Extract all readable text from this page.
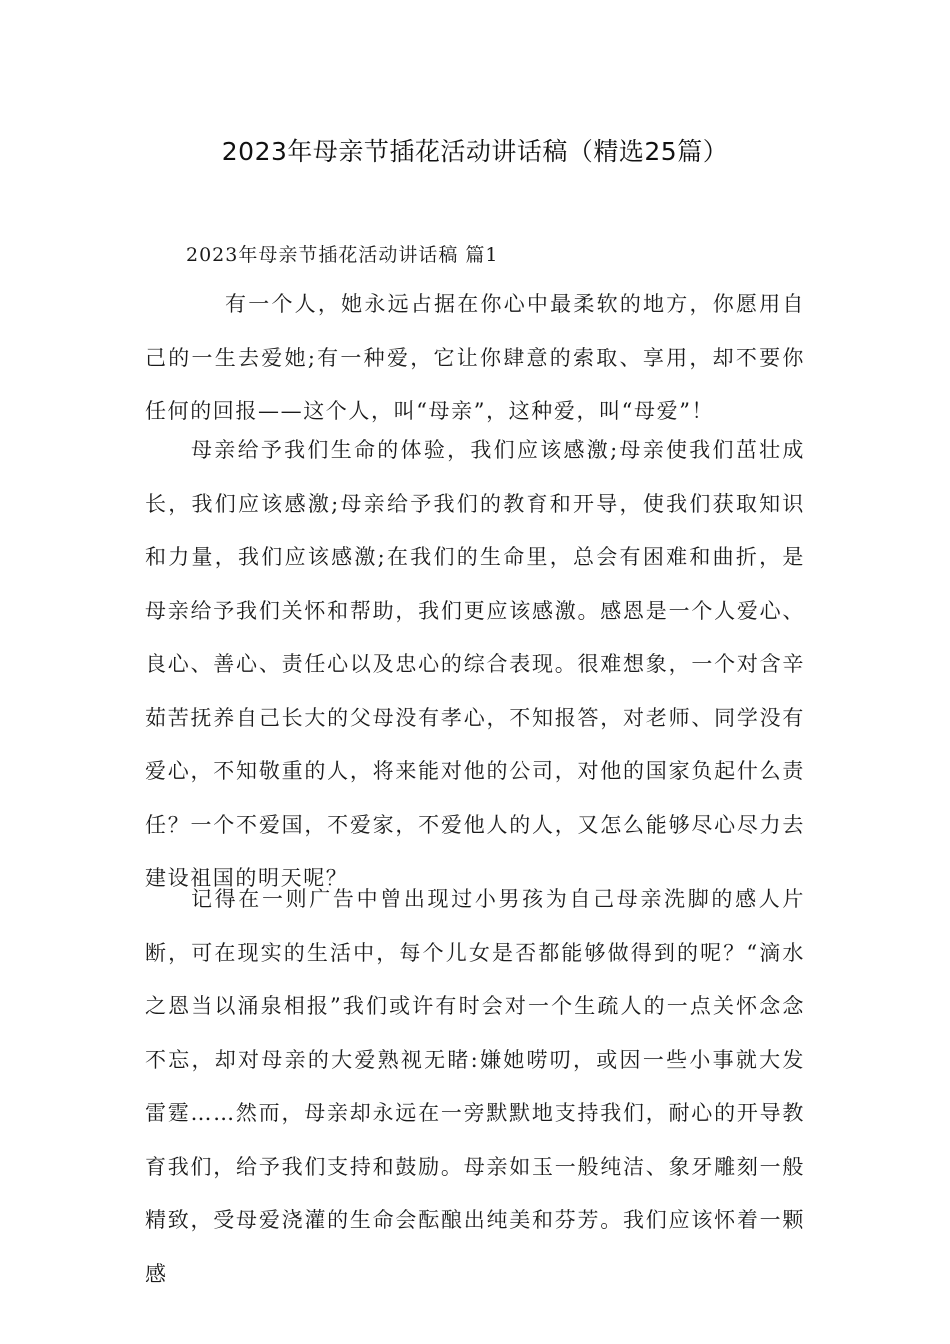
2023年母亲节插花活动讲话稿（精选25篇）
2023年母亲节插花活动讲话稿 篇1

有一个人，她永远占据在你心中最柔软的地方，你愿用自己的一生去爱她;有一种爱，它让你肆意的索取、享用，却不要你任何的回报——这个人，叫“母亲”，这种爱，叫“母爱”！

母亲给予我们生命的体验，我们应该感激;母亲使我们茁壮成长，我们应该感激;母亲给予我们的教育和开导，使我们获取知识和力量，我们应该感激;在我们的生命里，总会有困难和曲折，是母亲给予我们关怀和帮助，我们更应该感激。感恩是一个人爱心、良心、善心、责任心以及忠心的综合表现。很难想象，一个对含辛茹苦抚养自己长大的父母没有孝心，不知报答，对老师、同学没有爱心，不知敬重的人，将来能对他的公司，对他的国家负起什么责任？一个不爱国，不爱家，不爱他人的人，又怎么能够尽心尽力去建设祖国的明天呢？

记得在一则广告中曾出现过小男孩为自己母亲洗脚的感人片断，可在现实的生活中，每个儿女是否都能够做得到的呢？“滴水之恩当以涌泉相报”我们或许有时会对一个生疏人的一点关怀念念不忘，却对母亲的大爱熟视无睹:嫌她唠叨，或因一些小事就大发雷霆……然而，母亲却永远在一旁默默地支持我们，耐心的开导教育我们，给予我们支持和鼓励。母亲如玉一般纯洁、象牙雕刻一般精致，受母爱浇灌的生命会酝酿出纯美和芬芳。我们应该怀着一颗感
